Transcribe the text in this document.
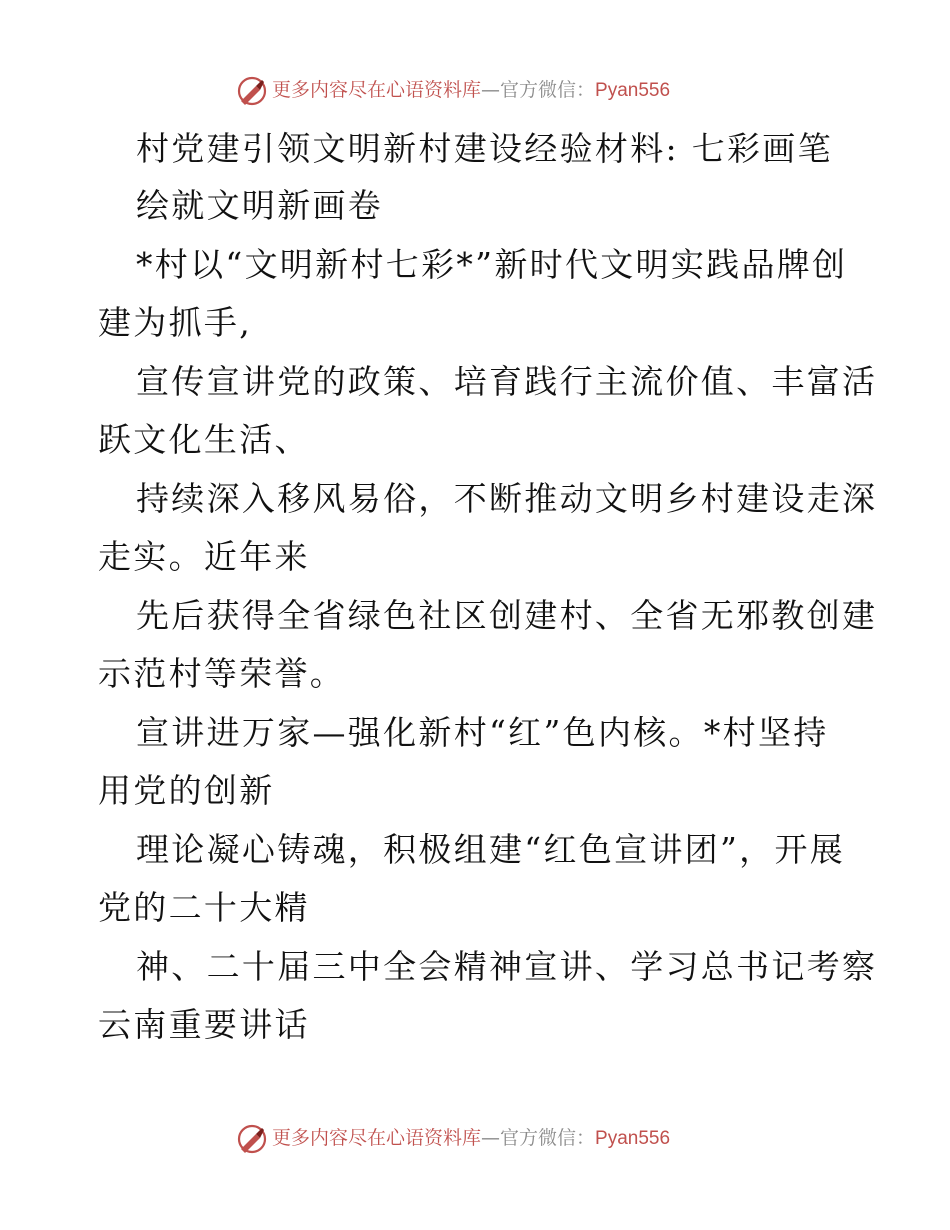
更多内容尽在心语资料库—官方微信：Pyan556
村党建引领文明新村建设经验材料: 七彩画笔
绘就文明新画卷
*村以“文明新村七彩*”新时代文明实践品牌创
建为抓手,
宣传宣讲党的政策、培育践行主流价值、丰富活
跃文化生活、
持续深入移风易俗，不断推动文明乡村建设走深
走实。近年来
先后获得全省绿色社区创建村、全省无邪教创建
示范村等荣誉。
宣讲进万家—强化新村“红”色内核。*村坚持
用党的创新
理论凝心铸魂，积极组建“红色宣讲团”，开展
党的二十大精
神、二十届三中全会精神宣讲、学习总书记考察
云南重要讲话
更多内容尽在心语资料库—官方微信：Pyan556
